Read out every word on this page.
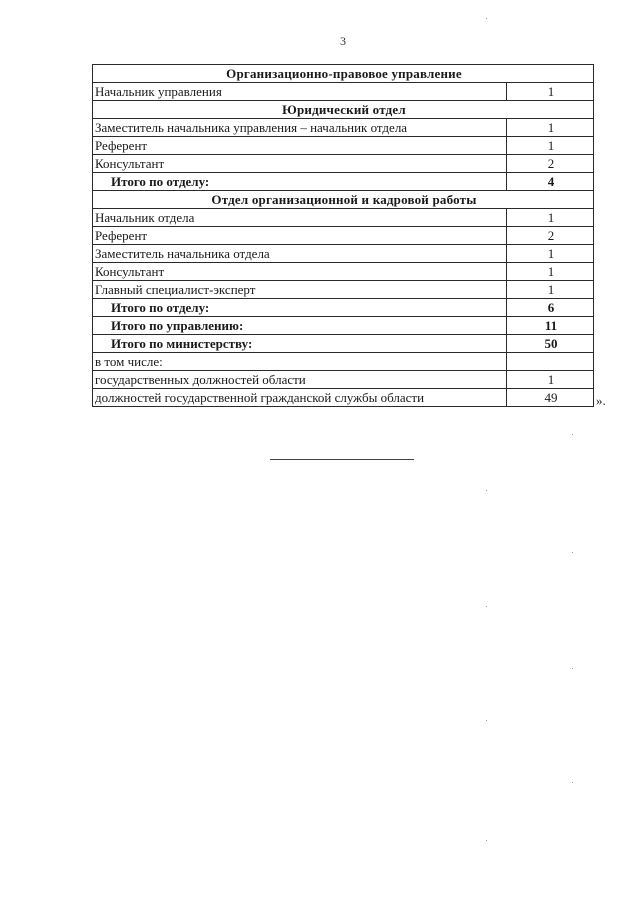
3
Организационно-правовое управление	
Начальник управления	1
Юридический отдел	
Заместитель начальника управления – начальник отдела	1
Референт	1
Консультант	2
Итого по отделу:	4
Отдел организационной и кадровой работы	
Начальник отдела	1
Референт	2
Заместитель начальника отдела	1
Консультант	1
Главный специалист-эксперт	1
Итого по отделу:	6
Итого по управлению:	11
Итого по министерству:	50
в том числе:	
государственных должностей области	1
должностей государственной гражданской службы области	49	».
